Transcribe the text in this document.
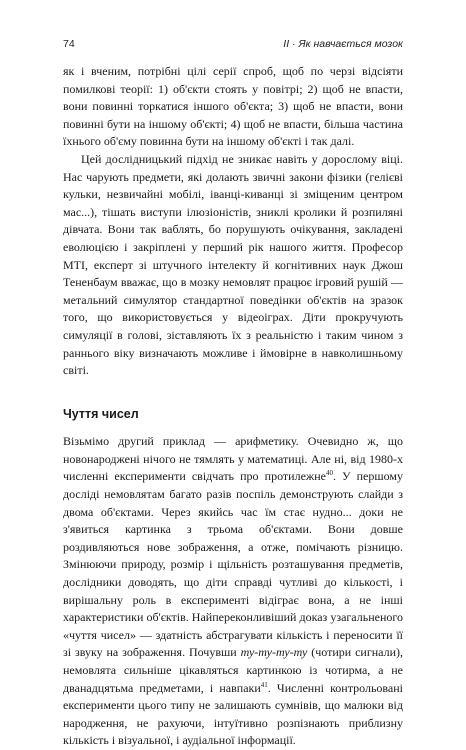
74	II · Як навчається мозок

як і вченим, потрібні цілі серії спроб, щоб по черзі відсіяти помилкові теорії: 1) об'єкти стоять у повітрі; 2) щоб не впасти, вони повинні торкатися іншого об'єкта; 3) щоб не впасти, вони повинні бути на іншому об'єкті; 4) щоб не впасти, більша частина їхнього об'єму повинна бути на іншому об'єкті і так далі.

Цей дослідницький підхід не зникає навіть у дорослому віці. Нас чарують предмети, які долають звичні закони фізики (гелієві кульки, незвичайні мобілі, іванці-киванці зі зміщеним центром мас...), тішать виступи ілюзіоністів, зниклі кролики й розпиляні дівчата. Вони так ваблять, бо порушують очікування, закладені еволюцією і закріплені у перший рік нашого життя. Професор MTI, експерт зі штучного інтелекту й когнітивних наук Джош Тененбаум вважає, що в мозку немовлят працює ігровий рушій — метальний симулятор стандартної поведінки об'єктів на зразок того, що використовується у відеоіграх. Діти прокручують симуляції в голові, зіставляють їх з реальністю і таким чином з раннього віку визначають можливе і ймовірне в навколишньому світі.

Чуття чисел

Візьмімо другий приклад — арифметику. Очевидно ж, що новонароджені нічого не тямлять у математиці. Але ні, від 1980-х численні експерименти свідчать про протилежне$^{40}$. У першому досліді немовлятам багато разів поспіль демонструють слайди з двома об'єктами. Через якийсь час їм стає нудно... доки не з'явиться картинка з трьома об'єктами. Вони довше роздивляються нове зображення, а отже, помічають різницю. Змінюючи природу, розмір і щільність розташування предметів, дослідники доводять, що діти справді чутливі до кількості, і вирішальну роль в експерименті відіграє вона, а не інші характеристики об'єктів. Найпереконливіший доказ узагальненого «чуття чисел» — здатність абстрагувати кількість і переносити її зі звуку на зображення. Почувши ту-ту-ту-ту (чотири сигнали), немовлята сильніше цікавляться картинкою із чотирма, а не дванадцятьма предметами, і навпаки$^{41}$. Численні контрольовані експерименти цього типу не залишають сумнівів, що малюки від народження, не рахуючи, інтуїтивно розпізнають приблизну кількість і візуальної, і аудіальної інформації.
